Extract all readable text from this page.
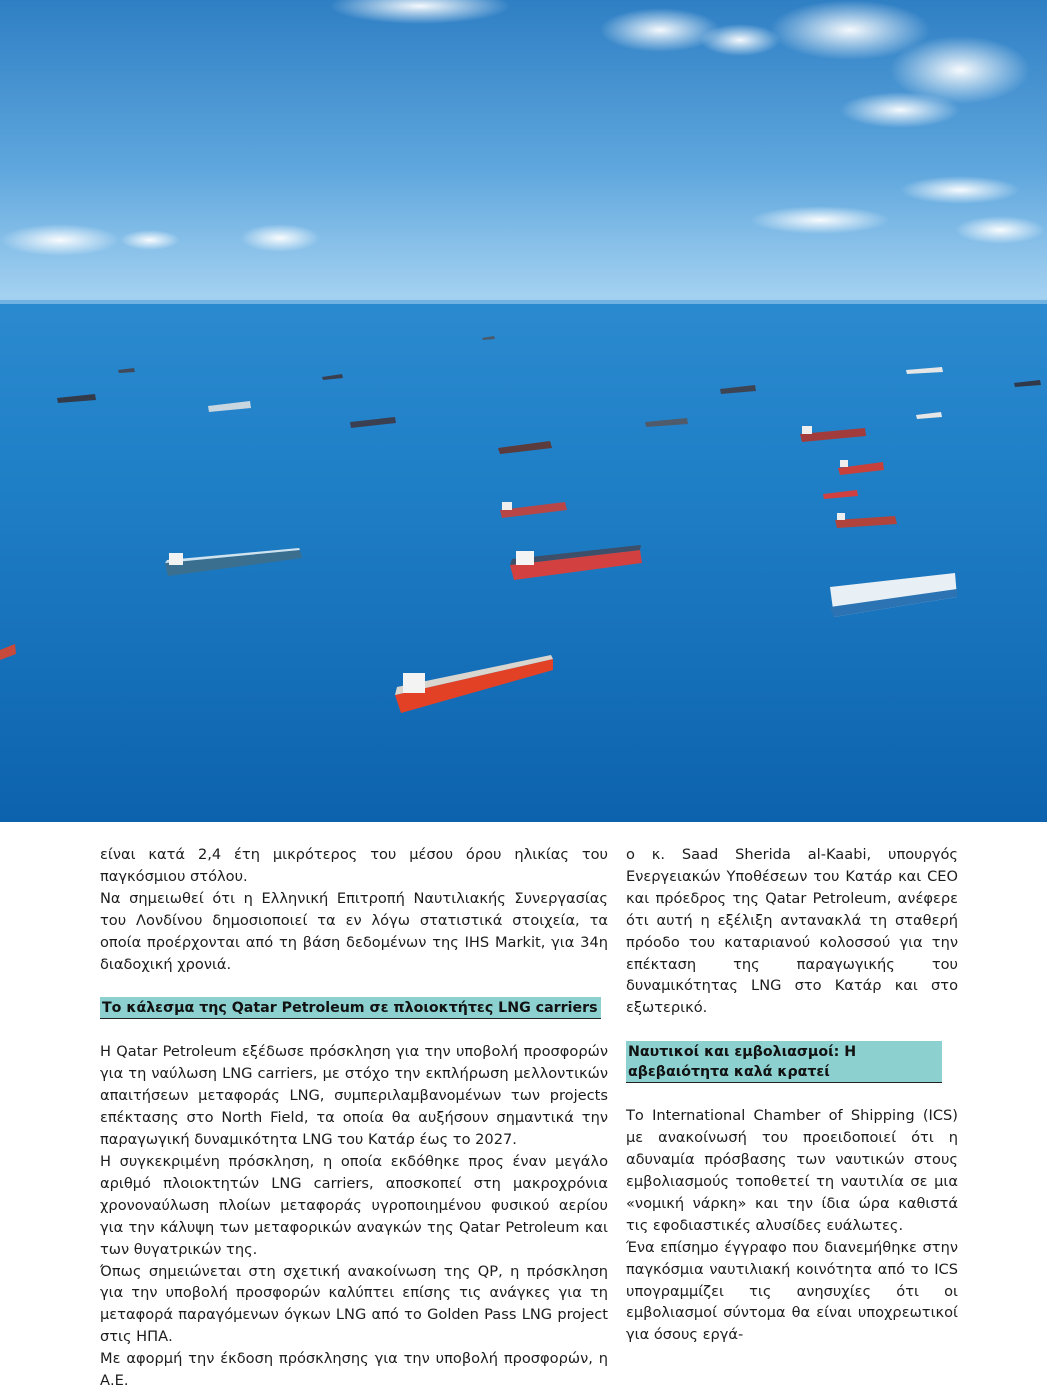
είναι κατά 2,4 έτη μικρότερος του μέσου όρου ηλικίας του παγκόσμιου στόλου.

Να σημειωθεί ότι η Ελληνική Επιτροπή Ναυτιλιακής Συνεργασίας του Λονδίνου δημοσιοποιεί τα εν λόγω στατιστικά στοιχεία, τα οποία προέρχονται από τη βάση δεδομένων της IHS Markit, για 34η διαδοχική χρονιά.

Το κάλεσμα της Qatar Petroleum σε πλοιοκτήτες LNG carriers

Η Qatar Petroleum εξέδωσε πρόσκληση για την υποβολή προσφορών για τη ναύλωση LNG carriers, με στόχο την εκπλήρωση μελλοντικών απαιτήσεων μεταφοράς LNG, συμπεριλαμβανομένων των projects επέκτασης στο North Field, τα οποία θα αυξήσουν σημαντικά την παραγωγική δυναμικότητα LNG του Κατάρ έως το 2027.

Η συγκεκριμένη πρόσκληση, η οποία εκδόθηκε προς έναν μεγάλο αριθμό πλοιοκτητών LNG carriers, αποσκοπεί στη μακροχρόνια χρονοναύλωση πλοίων μεταφοράς υγροποιημένου φυσικού αερίου για την κάλυψη των μεταφορικών αναγκών της Qatar Petroleum και των θυγατρικών της.

Όπως σημειώνεται στη σχετική ανακοίνωση της QP, η πρόσκληση για την υποβολή προσφορών καλύπτει επίσης τις ανάγκες για τη μεταφορά παραγόμενων όγκων LNG από το Golden Pass LNG project στις ΗΠΑ.

Με αφορμή την έκδοση πρόσκλησης για την υποβολή προσφορών, η Α.Ε.

ο κ. Saad Sherida al-Kaabi, υπουργός Ενεργειακών Υποθέσεων του Κατάρ και CEO και πρόεδρος της Qatar Petroleum, ανέφερε ότι αυτή η εξέλιξη αντανακλά τη σταθερή πρόοδο του καταριανού κολοσσού για την επέκταση της παραγωγικής του δυναμικότητας LNG στο Κατάρ και στο εξωτερικό.

Ναυτικοί και εμβολιασμοί: Η αβεβαιότητα καλά κρατεί

Το International Chamber of Shipping (ICS) με ανακοίνωσή του προειδοποιεί ότι η αδυναμία πρόσβασης των ναυτικών στους εμβολιασμούς τοποθετεί τη ναυτιλία σε μια «νομική νάρκη» και την ίδια ώρα καθιστά τις εφοδιαστικές αλυσίδες ευάλωτες.

Ένα επίσημο έγγραφο που διανεμήθηκε στην παγκόσμια ναυτιλιακή κοινότητα από το ICS υπογραμμίζει τις ανησυχίες ότι οι εμβολιασμοί σύντομα θα είναι υποχρεωτικοί για όσους εργά-
